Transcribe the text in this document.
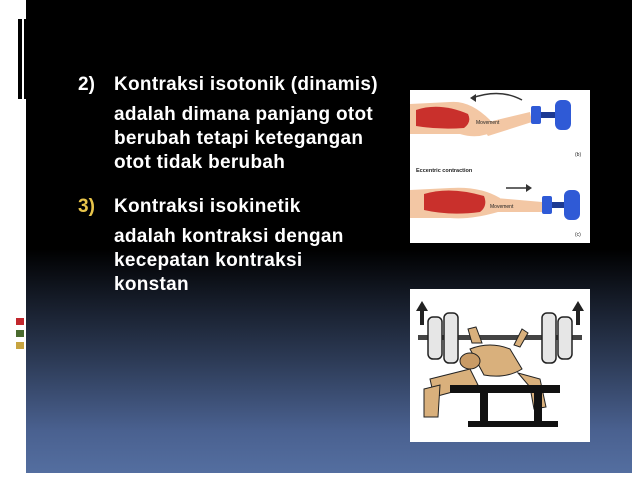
2) Kontraksi isotonik (dinamis)

adalah dimana panjang otot berubah tetapi ketegangan otot tidak berubah

3) Kontraksi isokinetik

adalah kontraksi dengan kecepatan kontraksi konstan

Movement
(b)
Eccentric contraction
Movement
(c)
